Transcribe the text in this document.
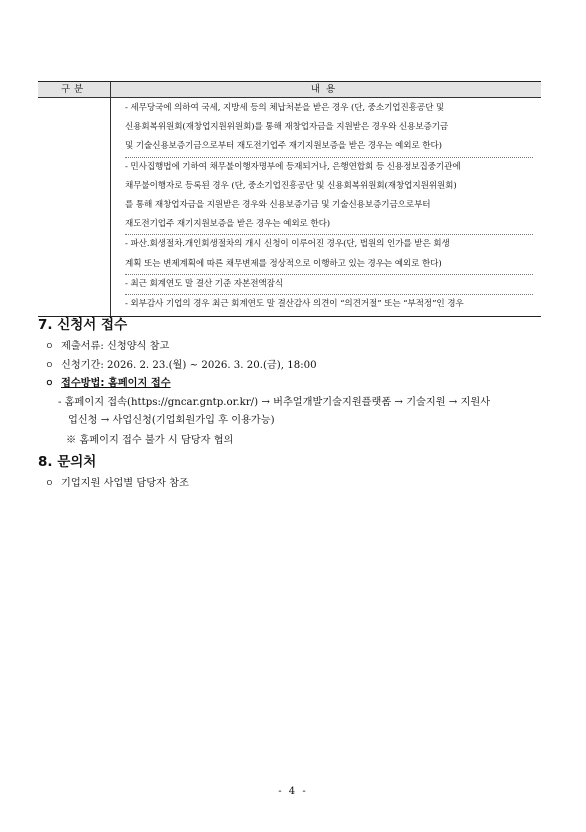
구분	내용
- 세무당국에 의하여 국세, 지방세 등의 체납처분을 받은 경우 (단, 중소기업진흥공단 및
신용회복위원회(재창업지원위원회)를 통해 재창업자금을 지원받은 경우와 신용보증기금
및 기술신용보증기금으로부터 재도전기업주 재기지원보증을 받은 경우는 예외로 한다)
- 민사집행법에 기하여 채무불이행자명부에 등재되거나, 은행연합회 등 신용정보집중기관에
채무불이행자로 등록된 경우 (단, 중소기업진흥공단 및 신용회복위원회(재창업지원위원회)
를 통해 재창업자금을 지원받은 경우와 신용보증기금 및 기술신용보증기금으로부터
재도전기업주 재기지원보증을 받은 경우는 예외로 한다)
- 파산.회생절차.개인회생절차의 개시 신청이 이루어진 경우(단, 법원의 인가를 받은 회생
계획 또는 변제계획에 따른 채무변제를 정상적으로 이행하고 있는 경우는 예외로 한다)
- 최근 회계연도 말 결산 기준 자본전액잠식
- 외부감사 기업의 경우 최근 회계연도 말 결산감사 의견이 “의견거절” 또는 “부적정”인 경우
7. 신청서 접수
ㅇ 제출서류: 신청양식 참고
ㅇ 신청기간: 2026. 2. 23.(월) ~ 2026. 3. 20.(금), 18:00
ㅇ 접수방법: 홈페이지 접수
- 홈페이지 접속(https://gncar.gntp.or.kr/) → 버추얼개발기술지원플랫폼 → 기술지원 → 지원사
업신청 → 사업신청(기업회원가입 후 이용가능)
※ 홈페이지 접수 불가 시 담당자 협의
8. 문의처
ㅇ 기업지원 사업별 담당자 참조
- 4 -
